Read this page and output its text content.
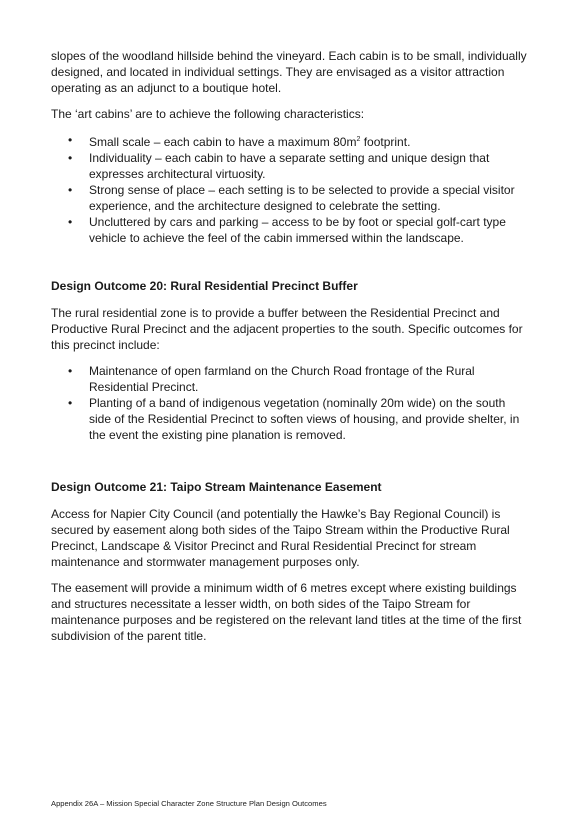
slopes of the woodland hillside behind the vineyard. Each cabin is to be small, individually designed, and located in individual settings. They are envisaged as a visitor attraction operating as an adjunct to a boutique hotel.

The ‘art cabins’ are to achieve the following characteristics:

• Small scale – each cabin to have a maximum $80m^2$ footprint.
• Individuality – each cabin to have a separate setting and unique design that expresses architectural virtuosity.
• Strong sense of place – each setting is to be selected to provide a special visitor experience, and the architecture designed to celebrate the setting.
• Uncluttered by cars and parking – access to be by foot or special golf-cart type vehicle to achieve the feel of the cabin immersed within the landscape.
Design Outcome 20: Rural Residential Precinct Buffer

The rural residential zone is to provide a buffer between the Residential Precinct and Productive Rural Precinct and the adjacent properties to the south. Specific outcomes for this precinct include:

• Maintenance of open farmland on the Church Road frontage of the Rural Residential Precinct.
• Planting of a band of indigenous vegetation (nominally 20m wide) on the south side of the Residential Precinct to soften views of housing, and provide shelter, in the event the existing pine planation is removed.
Design Outcome 21: Taipo Stream Maintenance Easement

Access for Napier City Council (and potentially the Hawke’s Bay Regional Council) is secured by easement along both sides of the Taipo Stream within the Productive Rural Precinct, Landscape & Visitor Precinct and Rural Residential Precinct for stream maintenance and stormwater management purposes only.

The easement will provide a minimum width of 6 metres except where existing buildings and structures necessitate a lesser width, on both sides of the Taipo Stream for maintenance purposes and be registered on the relevant land titles at the time of the first subdivision of the parent title.

Appendix 26A – Mission Special Character Zone Structure Plan Design Outcomes
